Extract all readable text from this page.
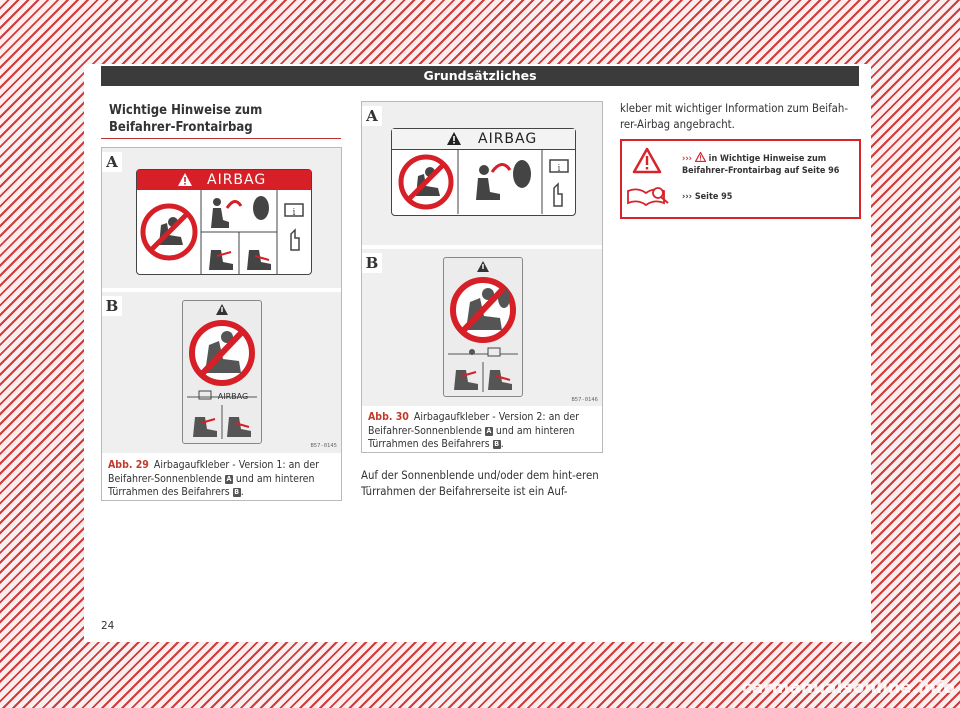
Grundsätzliches
Wichtige Hinweise zum Beifahrer-Frontairbag
A
AIRBAG
i
B
AIRBAG
B57-0145
Abb. 29 Airbagaufkleber - Version 1: an der Beifahrer-Sonnenblende A und am hinteren Türrahmen des Beifahrers B .
A
AIRBAG
i
B
B57-0146
Abb. 30 Airbagaufkleber - Version 2: an der Beifahrer-Sonnenblende A und am hinteren Türrahmen des Beifahrers B .
Auf der Sonnenblende und/oder dem hint-eren Türrahmen der Beifahrerseite ist ein Auf-
kleber mit wichtiger Information zum Beifah-rer-Airbag angebracht.
››› in Wichtige Hinweise zum Beifahrer-Frontairbag auf Seite 96
››› Seite 95
24
carmanualsonline.info
